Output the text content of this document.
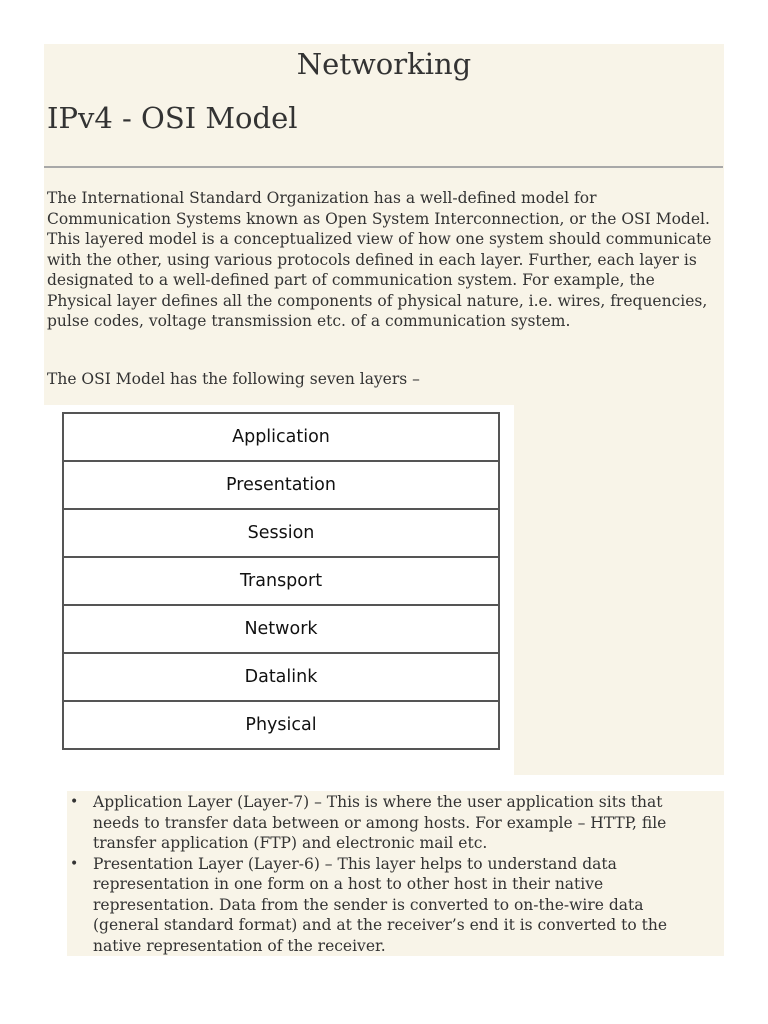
Networking
IPv4 - OSI Model

The International Standard Organization has a well-defined model for Communication Systems known as Open System Interconnection, or the OSI Model. This layered model is a conceptualized view of how one system should communicate with the other, using various protocols defined in each layer. Further, each layer is designated to a well-defined part of communication system. For example, the Physical layer defines all the components of physical nature, i.e. wires, frequencies, pulse codes, voltage transmission etc. of a communication system.

The OSI Model has the following seven layers –

Application
Presentation
Session
Transport
Network
Datalink
Physical
• Application Layer (Layer-7) – This is where the user application sits that needs to transfer data between or among hosts. For example – HTTP, file transfer application (FTP) and electronic mail etc.
• Presentation Layer (Layer-6) – This layer helps to understand data representation in one form on a host to other host in their native representation. Data from the sender is converted to on-the-wire data (general standard format) and at the receiver’s end it is converted to the native representation of the receiver.
